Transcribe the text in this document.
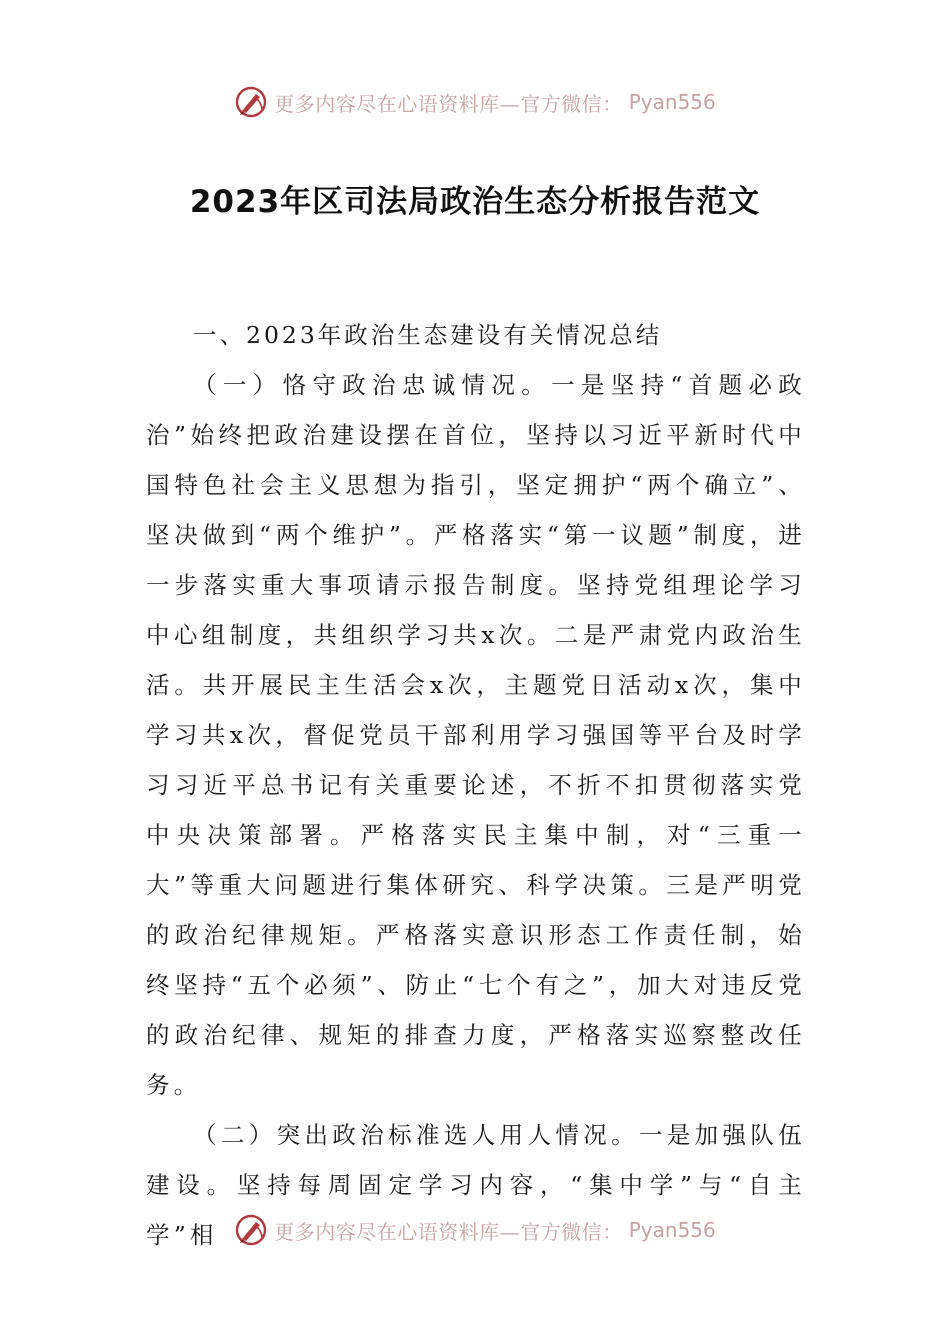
更多内容尽在心语资料库—官方微信： Pyan556
2023年区司法局政治生态分析报告范文

一、2023年政治生态建设有关情况总结

（一）恪守政治忠诚情况。一是坚持“首题必政治”始终把政治建设摆在首位，坚持以习近平新时代中国特色社会主义思想为指引，坚定拥护“两个确立”、坚决做到“两个维护”。严格落实“第一议题”制度，进一步落实重大事项请示报告制度。坚持党组理论学习中心组制度，共组织学习共x次。二是严肃党内政治生活。共开展民主生活会x次，主题党日活动x次，集中学习共x次，督促党员干部利用学习强国等平台及时学习习近平总书记有关重要论述，不折不扣贯彻落实党中央决策部署。严格落实民主集中制，对“三重一大”等重大问题进行集体研究、科学决策。三是严明党的政治纪律规矩。严格落实意识形态工作责任制，始终坚持“五个必须”、防止“七个有之”，加大对违反党的政治纪律、规矩的排查力度，严格落实巡察整改任务。

（二）突出政治标准选人用人情况。一是加强队伍建设。坚持每周固定学习内容，“集中学”与“自主学”相	更多内容尽在心语资料库—官方微信： Pyan556
